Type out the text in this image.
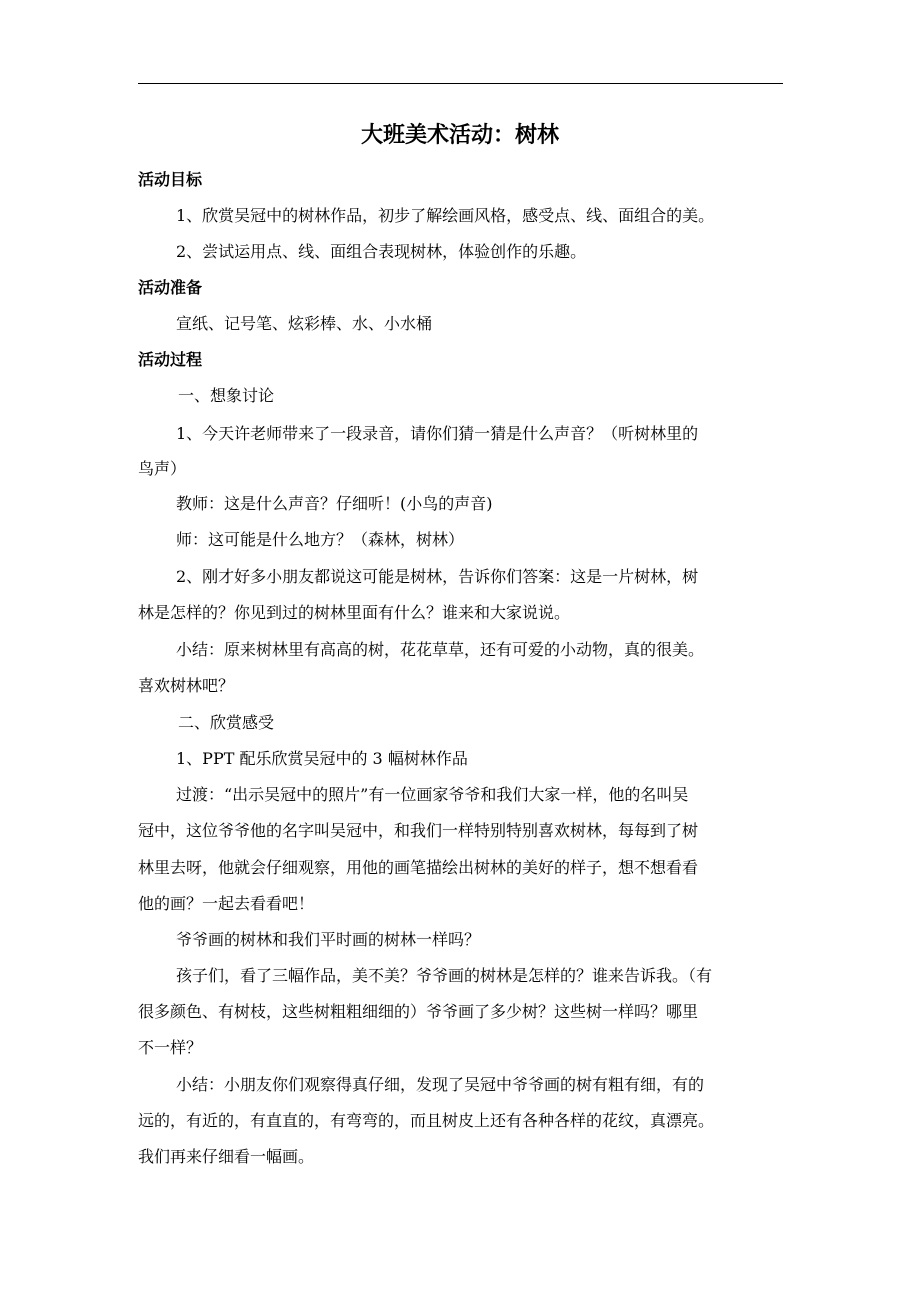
大班美术活动：树林
活动目标
1、欣赏吴冠中的树林作品，初步了解绘画风格，感受点、线、面组合的美。
2、尝试运用点、线、面组合表现树林，体验创作的乐趣。
活动准备
宣纸、记号笔、炫彩棒、水、小水桶
活动过程
一、想象讨论
1、今天许老师带来了一段录音，请你们猜一猜是什么声音？（听树林里的
鸟声）
教师：这是什么声音？仔细听！(小鸟的声音)
师：这可能是什么地方？（森林，树林）
2、刚才好多小朋友都说这可能是树林，告诉你们答案：这是一片树林，树
林是怎样的？你见到过的树林里面有什么？谁来和大家说说。
小结：原来树林里有高高的树，花花草草，还有可爱的小动物，真的很美。
喜欢树林吧？
二、欣赏感受
1、PPT 配乐欣赏吴冠中的 3 幅树林作品
过渡：“出示吴冠中的照片”有一位画家爷爷和我们大家一样，他的名叫吴
冠中，这位爷爷他的名字叫吴冠中，和我们一样特别特别喜欢树林，每每到了树
林里去呀，他就会仔细观察，用他的画笔描绘出树林的美好的样子，想不想看看
他的画？一起去看看吧！
爷爷画的树林和我们平时画的树林一样吗？
孩子们，看了三幅作品，美不美？爷爷画的树林是怎样的？谁来告诉我。（有
很多颜色、有树枝，这些树粗粗细细的）爷爷画了多少树？这些树一样吗？哪里
不一样？
小结：小朋友你们观察得真仔细，发现了吴冠中爷爷画的树有粗有细，有的
远的，有近的，有直直的，有弯弯的，而且树皮上还有各种各样的花纹，真漂亮。
我们再来仔细看一幅画。
